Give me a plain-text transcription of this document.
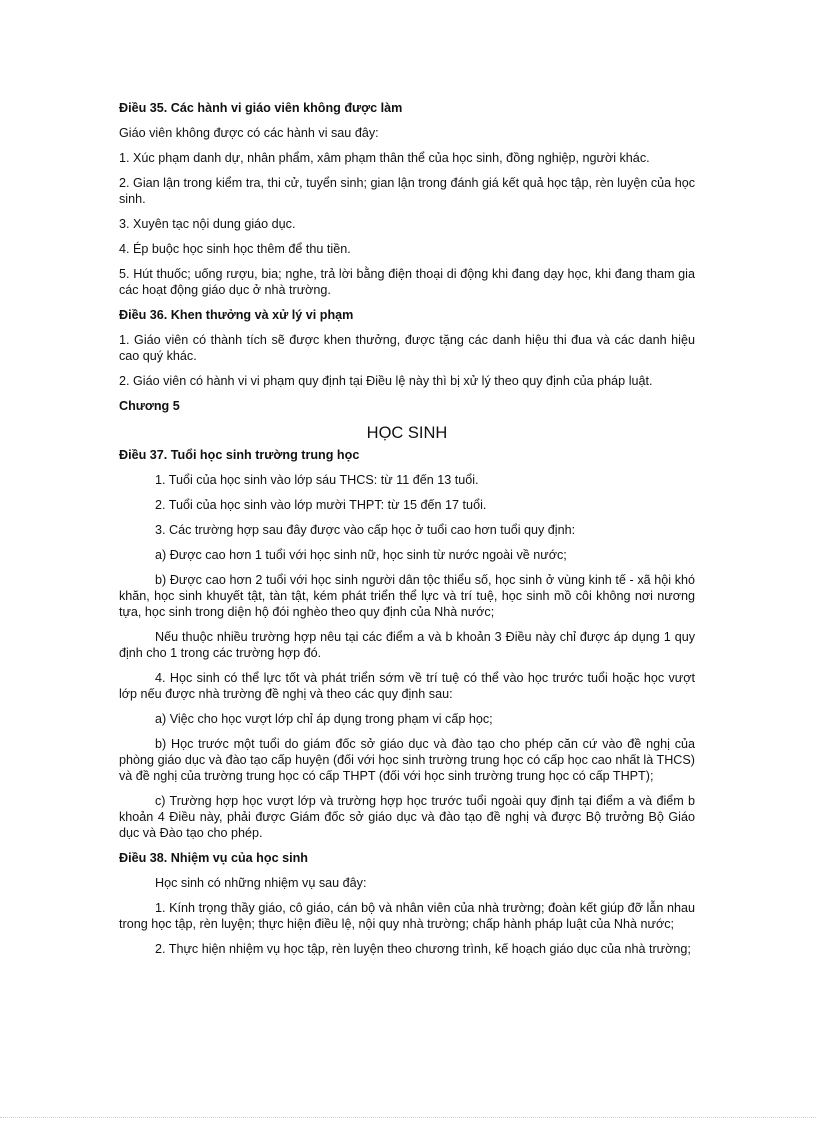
Điều 35. Các hành vi giáo viên không được làm

Giáo viên không được có các hành vi sau đây:

1. Xúc phạm danh dự, nhân phẩm, xâm phạm thân thể của học sinh, đồng nghiệp, người khác.

2. Gian lận trong kiểm tra, thi cử, tuyển sinh; gian lận trong đánh giá kết quả học tập, rèn luyện của học sinh.

3. Xuyên tạc nội dung giáo dục.

4. Ép buộc học sinh học thêm để thu tiền.

5. Hút thuốc; uống rượu, bia; nghe, trả lời bằng điện thoại di động khi đang dạy học, khi đang tham gia các hoạt động giáo dục ở nhà trường.

Điều 36. Khen thưởng và xử lý vi phạm

1. Giáo viên có thành tích sẽ được khen thưởng, được tặng các danh hiệu thi đua và các danh hiệu cao quý khác.

2. Giáo viên có hành vi vi phạm quy định tại Điều lệ này thì bị xử lý theo quy định của pháp luật.

Chương 5

HỌC SINH

Điều 37. Tuổi học sinh trường trung học

1. Tuổi của học sinh vào lớp sáu THCS: từ 11 đến 13 tuổi.

2. Tuổi của học sinh vào lớp mười THPT: từ 15 đến 17 tuổi.

3. Các trường hợp sau đây được vào cấp học ở tuổi cao hơn tuổi quy định:

a) Được cao hơn 1 tuổi với học sinh nữ, học sinh từ nước ngoài về nước;

b) Được cao hơn 2 tuổi với học sinh người dân tộc thiểu số, học sinh ở vùng kinh tế - xã hội khó khăn, học sinh khuyết tật, tàn tật, kém phát triển thể lực và trí tuệ, học sinh mồ côi không nơi nương tựa, học sinh trong diện hộ đói nghèo theo quy định của Nhà nước;

Nếu thuộc nhiều trường hợp nêu tại các điểm a và b khoản 3 Điều này chỉ được áp dụng 1 quy định cho 1 trong các trường hợp đó.

4. Học sinh có thể lực tốt và phát triển sớm về trí tuệ có thể vào học trước tuổi hoặc học vượt lớp nếu được nhà trường đề nghị và theo các quy định sau:

a) Việc cho học vượt lớp chỉ áp dụng trong phạm vi cấp học;

b) Học trước một tuổi do giám đốc sở giáo dục và đào tạo cho phép căn cứ vào đề nghị của phòng giáo dục và đào tạo cấp huyện (đối với học sinh trường trung học có cấp học cao nhất là THCS) và đề nghị của trường trung học có cấp THPT (đối với học sinh trường trung học có cấp THPT);

c) Trường hợp học vượt lớp và trường hợp học trước tuổi ngoài quy định tại điểm a và điểm b khoản 4 Điều này, phải được Giám đốc sở giáo dục và đào tạo đề nghị và được Bộ trưởng Bộ Giáo dục và Đào tạo cho phép.

Điều 38. Nhiệm vụ của học sinh

Học sinh có những nhiệm vụ sau đây:

1. Kính trọng thầy giáo, cô giáo, cán bộ và nhân viên của nhà trường; đoàn kết giúp đỡ lẫn nhau trong học tập, rèn luyện; thực hiện điều lệ, nội quy nhà trường; chấp hành pháp luật của Nhà nước;

2. Thực hiện nhiệm vụ học tập, rèn luyện theo chương trình, kế hoạch giáo dục của nhà trường;
